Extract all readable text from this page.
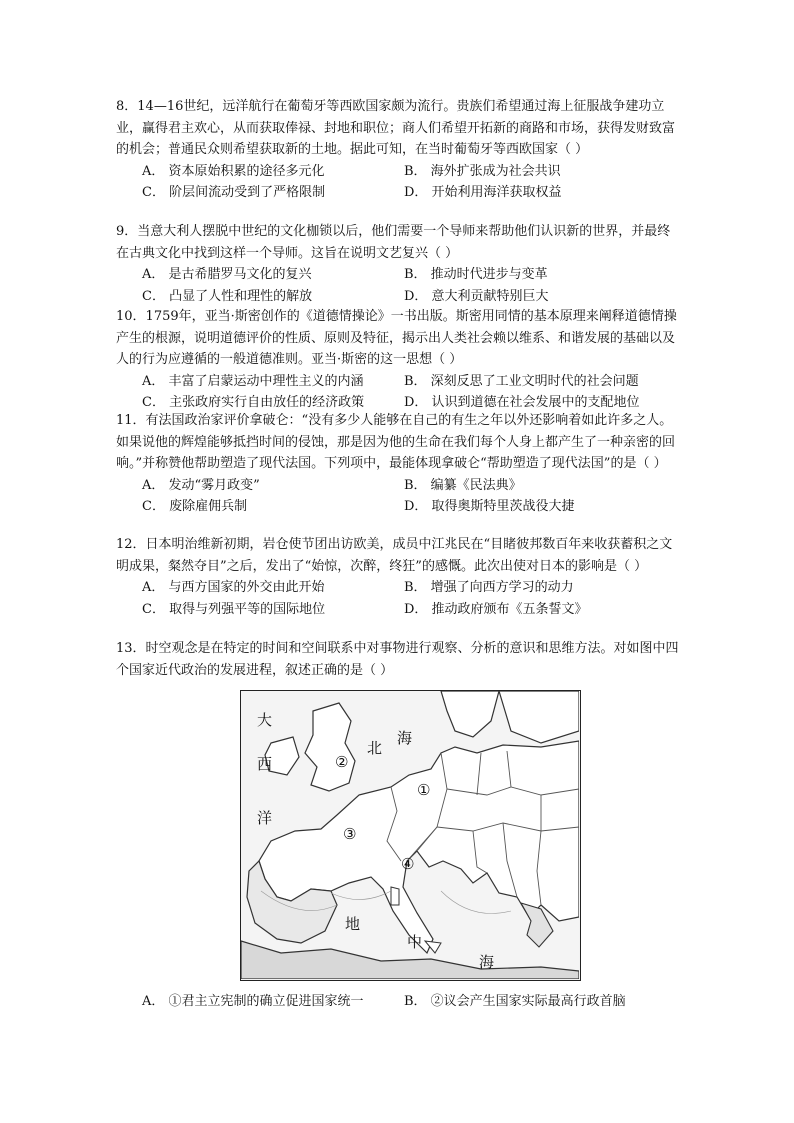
8．14—16世纪，远洋航行在葡萄牙等西欧国家颇为流行。贵族们希望通过海上征服战争建功立业，赢得君主欢心，从而获取俸禄、封地和职位；商人们希望开拓新的商路和市场，获得发财致富的机会；普通民众则希望获取新的土地。据此可知，在当时葡萄牙等西欧国家（ ）

A． 资本原始积累的途径多元化	B． 海外扩张成为社会共识
C． 阶层间流动受到了严格限制	D． 开始利用海洋获取权益

9．当意大利人摆脱中世纪的文化枷锁以后，他们需要一个导师来帮助他们认识新的世界，并最终在古典文化中找到这样一个导师。这旨在说明文艺复兴（ ）

A． 是古希腊罗马文化的复兴	B． 推动时代进步与变革
C． 凸显了人性和理性的解放	D． 意大利贡献特别巨大

10．1759年，亚当·斯密创作的《道德情操论》一书出版。斯密用同情的基本原理来阐释道德情操产生的根源，说明道德评价的性质、原则及特征，揭示出人类社会赖以维系、和谐发展的基础以及人的行为应遵循的一般道德准则。亚当·斯密的这一思想（ ）

A． 丰富了启蒙运动中理性主义的内涵	B． 深刻反思了工业文明时代的社会问题
C． 主张政府实行自由放任的经济政策	D． 认识到道德在社会发展中的支配地位

11．有法国政治家评价拿破仑：“没有多少人能够在自己的有生之年以外还影响着如此许多之人。如果说他的辉煌能够抵挡时间的侵蚀，那是因为他的生命在我们每个人身上都产生了一种亲密的回响。”并称赞他帮助塑造了现代法国。下列项中，最能体现拿破仑“帮助塑造了现代法国”的是（ ）

A． 发动“雾月政变”	B． 编纂《民法典》
C． 废除雇佣兵制	D． 取得奥斯特里茨战役大捷

12．日本明治维新初期，岩仓使节团出访欧美，成员中江兆民在“目睹彼邦数百年来收获蓄积之文明成果，粲然夺目”之后，发出了“始惊，次醉，终狂”的感慨。此次出使对日本的影响是（ ）

A． 与西方国家的外交由此开始	B． 增强了向西方学习的动力
C． 取得与列强平等的国际地位	D． 推动政府颁布《五条誓文》

13．时空观念是在特定的时间和空间联系中对事物进行观察、分析的意识和思维方法。对如图中四个国家近代政治的发展进程，叙述正确的是（ ）

大
西
洋
北
海
地
中
海
②
①
③
④
A． ①君主立宪制的确立促进国家统一	B． ②议会产生国家实际最高行政首脑
